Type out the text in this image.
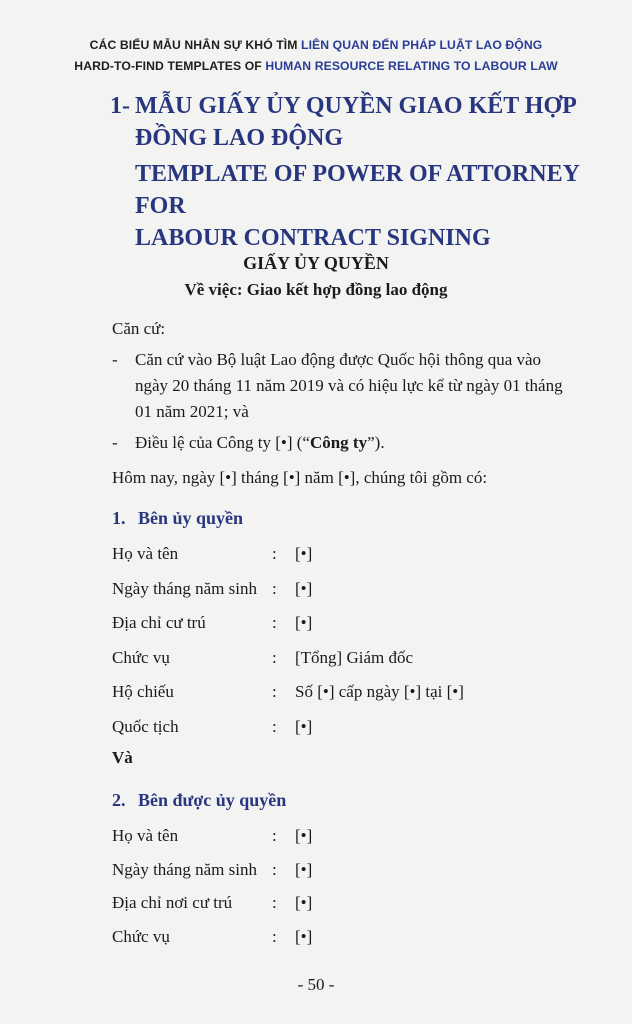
CÁC BIỂU MẪU NHÂN SỰ KHÓ TÌM LIÊN QUAN ĐẾN PHÁP LUẬT LAO ĐỘNG
HARD-TO-FIND TEMPLATES OF HUMAN RESOURCE RELATING TO LABOUR LAW
1- MẪU GIẤY ỦY QUYỀN GIAO KẾT HỢP
ĐỒNG LAO ĐỘNG
TEMPLATE OF POWER OF ATTORNEY FOR
LABOUR CONTRACT SIGNING
GIẤY ỦY QUYỀN
Về việc: Giao kết hợp đồng lao động
Căn cứ:
- Căn cứ vào Bộ luật Lao động được Quốc hội thông qua vào
ngày 20 tháng 11 năm 2019 và có hiệu lực kể từ ngày 01 tháng
01 năm 2021; và
- Điều lệ của Công ty [•] (“Công ty”).
Hôm nay, ngày [•] tháng [•] năm [•], chúng tôi gồm có:
1. Bên ủy quyền
Họ và tên	: [•]
Ngày tháng năm sinh : [•]
Địa chỉ cư trú	: [•]
Chức vụ	: [Tổng] Giám đốc
Hộ chiếu	: Số [•] cấp ngày [•] tại [•]
Quốc tịch	: [•]
Và
2. Bên được ủy quyền
Họ và tên	: [•]
Ngày tháng năm sinh : [•]
Địa chỉ nơi cư trú : [•]
Chức vụ	: [•]
- 50 -
